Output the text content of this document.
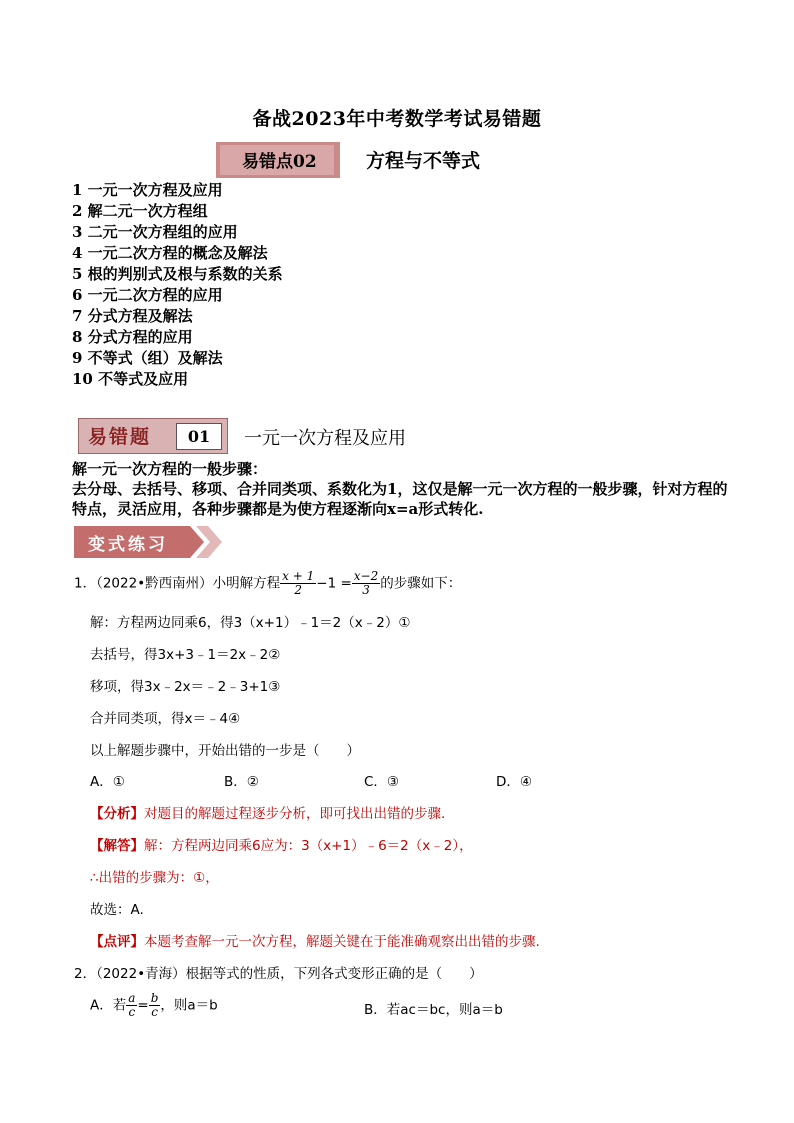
备战2023年中考数学考试易错题
易错点02	方程与不等式
1 一元一次方程及应用
2 解二元一次方程组
3 二元一次方程组的应用
4 一元二次方程的概念及解法
5 根的判别式及根与系数的关系
6 一元二次方程的应用
7 分式方程及解法
8 分式方程的应用
9 不等式（组）及解法
10 不等式及应用
易错题	01	一元一次方程及应用
解一元一次方程的一般步骤：
去分母、去括号、移项、合并同类项、系数化为1，这仅是解一元一次方程的一般步骤，针对方程的特点，灵活应用，各种步骤都是为使方程逐渐向x=a形式转化.
变式练习
1．（2022•黔西南州）小明解方程 $\frac{x + 1}{2} -1 = \frac{x-2}{3}$ 的步骤如下：
解：方程两边同乘6，得3（x+1）﹣1＝2（x﹣2）①
去括号，得3x+3﹣1＝2x﹣2②
移项，得3x﹣2x＝﹣2﹣3+1③
合并同类项，得x＝﹣4④
以上解题步骤中，开始出错的一步是（　　）
A．①	B．②	C．③	D．④
【分析】对题目的解题过程逐步分析，即可找出出错的步骤.
【解答】解：方程两边同乘6应为：3（x+1）﹣6＝2（x﹣2），
∴出错的步骤为：①，
故选：A.
【点评】本题考查解一元一次方程，解题关键在于能准确观察出出错的步骤.
2．（2022•青海）根据等式的性质，下列各式变形正确的是（　　）
A．若 $\frac{a}{c} = \frac{b}{c}$ ，则a＝b	B．若ac＝bc，则a＝b
